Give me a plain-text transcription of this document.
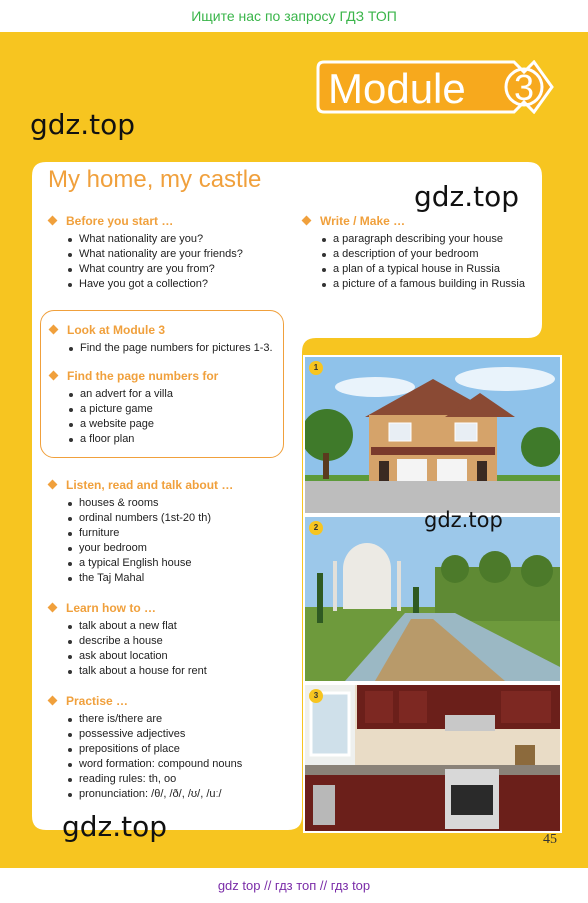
Ищите нас по запросу ГДЗ ТОП
Module 3
gdz.top
My home, my castle
Before you start …
What nationality are you?
What nationality are your friends?
What country are you from?
Have you got a collection?
Write / Make …
a paragraph describing your house
a description of your bedroom
a plan of a typical house in Russia
a picture of a famous building in Russia
Look at Module 3
Find the page numbers for pictures 1-3.
Find the page numbers for
an advert for a villa
a picture game
a website page
a floor plan
Listen, read and talk about …
houses & rooms
ordinal numbers (1st-20 th)
furniture
your bedroom
a typical English house
the Taj Mahal
Learn how to …
talk about a new flat
describe a house
ask about location
talk about a house for rent
Practise …
there is/there are
possessive adjectives
prepositions of place
word formation: compound nouns
reading rules: th, oo
pronunciation: /θ/, /ð/, /ʊ/, /uː/
gdz.top
1
2
3
gdz.top
gdz.top	45
gdz top // гдз топ // гдз top
